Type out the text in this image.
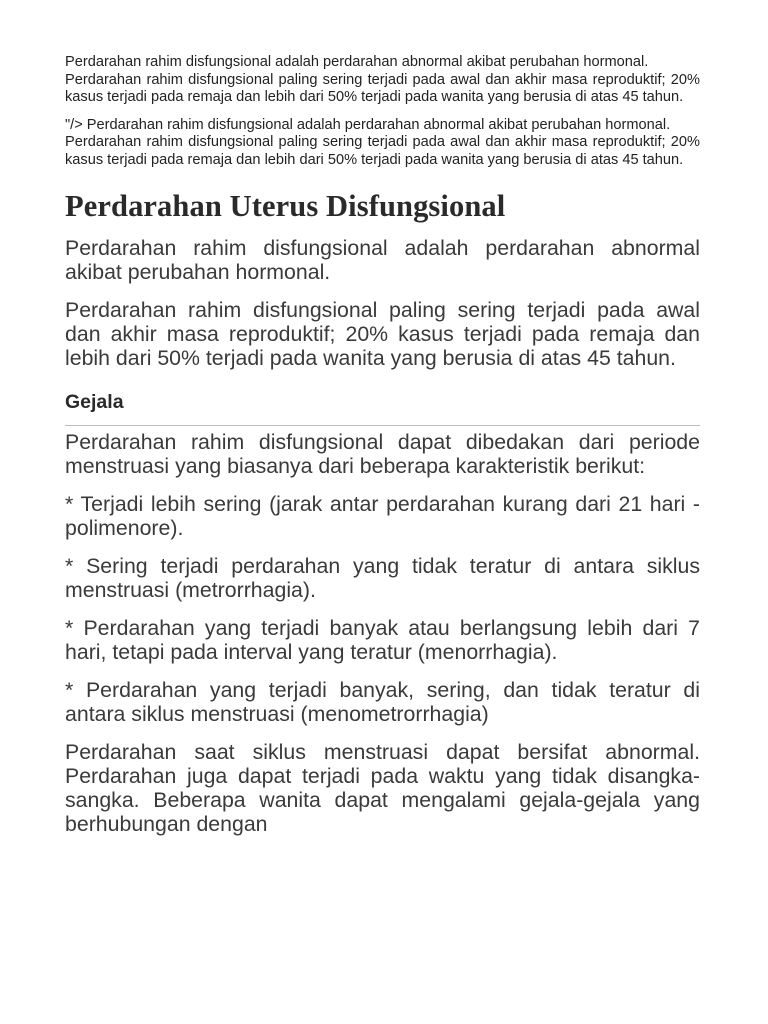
Perdarahan rahim disfungsional adalah perdarahan abnormal akibat perubahan hormonal.

Perdarahan rahim disfungsional paling sering terjadi pada awal dan akhir masa reproduktif; 20% kasus terjadi pada remaja dan lebih dari 50% terjadi pada wanita yang berusia di atas 45 tahun.

"/> Perdarahan rahim disfungsional adalah perdarahan abnormal akibat perubahan hormonal.

Perdarahan rahim disfungsional paling sering terjadi pada awal dan akhir masa reproduktif; 20% kasus terjadi pada remaja dan lebih dari 50% terjadi pada wanita yang berusia di atas 45 tahun.

Perdarahan Uterus Disfungsional

Perdarahan rahim disfungsional adalah perdarahan abnormal akibat perubahan hormonal.

Perdarahan rahim disfungsional paling sering terjadi pada awal dan akhir masa reproduktif; 20% kasus terjadi pada remaja dan lebih dari 50% terjadi pada wanita yang berusia di atas 45 tahun.

Gejala

Perdarahan rahim disfungsional dapat dibedakan dari periode menstruasi yang biasanya dari beberapa karakteristik berikut:

* Terjadi lebih sering (jarak antar perdarahan kurang dari 21 hari - polimenore).

* Sering terjadi perdarahan yang tidak teratur di antara siklus menstruasi (metrorrhagia).

* Perdarahan yang terjadi banyak atau berlangsung lebih dari 7 hari, tetapi pada interval yang teratur (menorrhagia).

* Perdarahan yang terjadi banyak, sering, dan tidak teratur di antara siklus menstruasi (menometrorrhagia)

Perdarahan saat siklus menstruasi dapat bersifat abnormal. Perdarahan juga dapat terjadi pada waktu yang tidak disangka-sangka. Beberapa wanita dapat mengalami gejala-gejala yang berhubungan dengan
